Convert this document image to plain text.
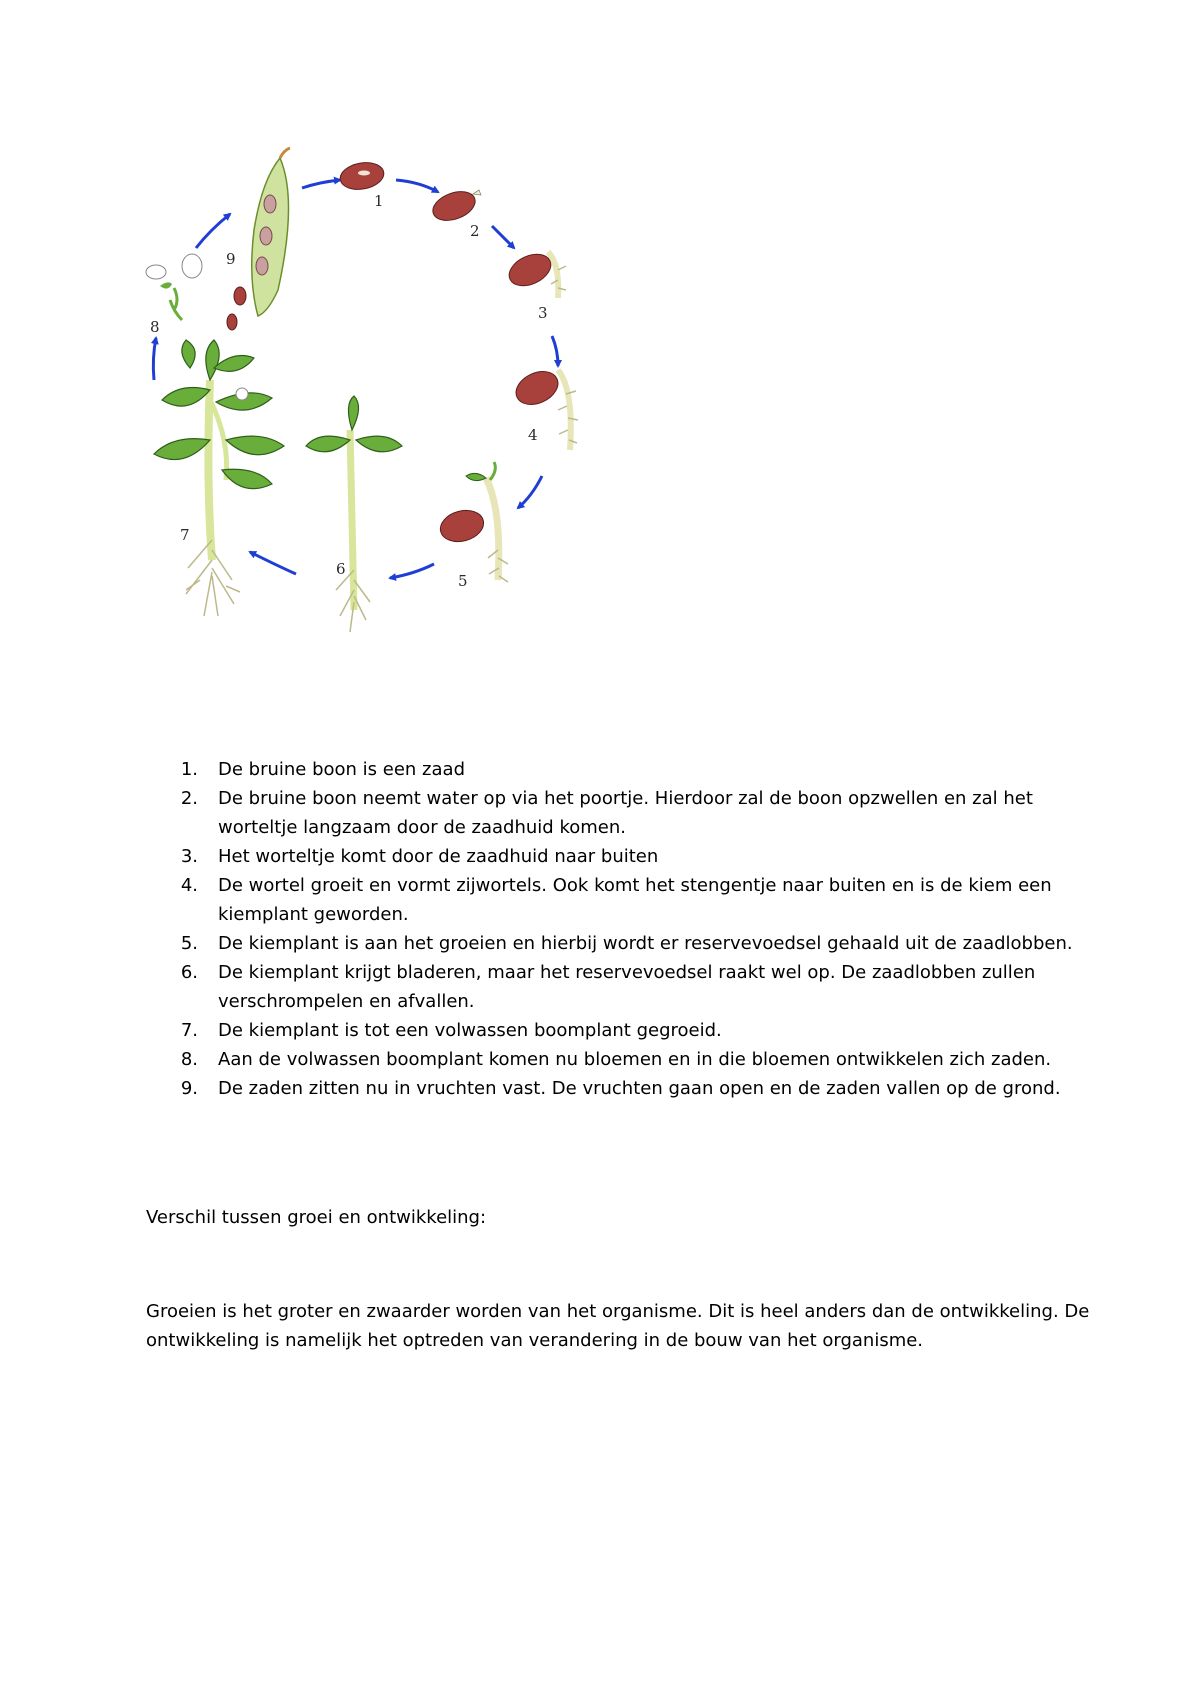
1
2
3
4
5
6
7
8
9
1.	De bruine boon is een zaad
2.	De bruine boon neemt water op via het poortje. Hierdoor zal de boon opzwellen en zal het worteltje langzaam door de zaadhuid komen.
3.	Het worteltje komt door de zaadhuid naar buiten
4.	De wortel groeit en vormt zijwortels. Ook komt het stengentje naar buiten en is de kiem een kiemplant geworden.
5.	De kiemplant is aan het groeien en hierbij wordt er reservevoedsel gehaald uit de zaadlobben.
6.	De kiemplant krijgt bladeren, maar het reservevoedsel raakt wel op. De zaadlobben zullen verschrompelen en afvallen.
7.	De kiemplant is tot een volwassen boomplant gegroeid.
8.	Aan de volwassen boomplant komen nu bloemen en in die bloemen ontwikkelen zich zaden.
9.	De zaden zitten nu in vruchten vast. De vruchten gaan open en de zaden vallen op de grond.

Verschil tussen groei en ontwikkeling:

Groeien is het groter en zwaarder worden van het organisme. Dit is heel anders dan de ontwikkeling. De ontwikkeling is namelijk het optreden van verandering in de bouw van het organisme.
